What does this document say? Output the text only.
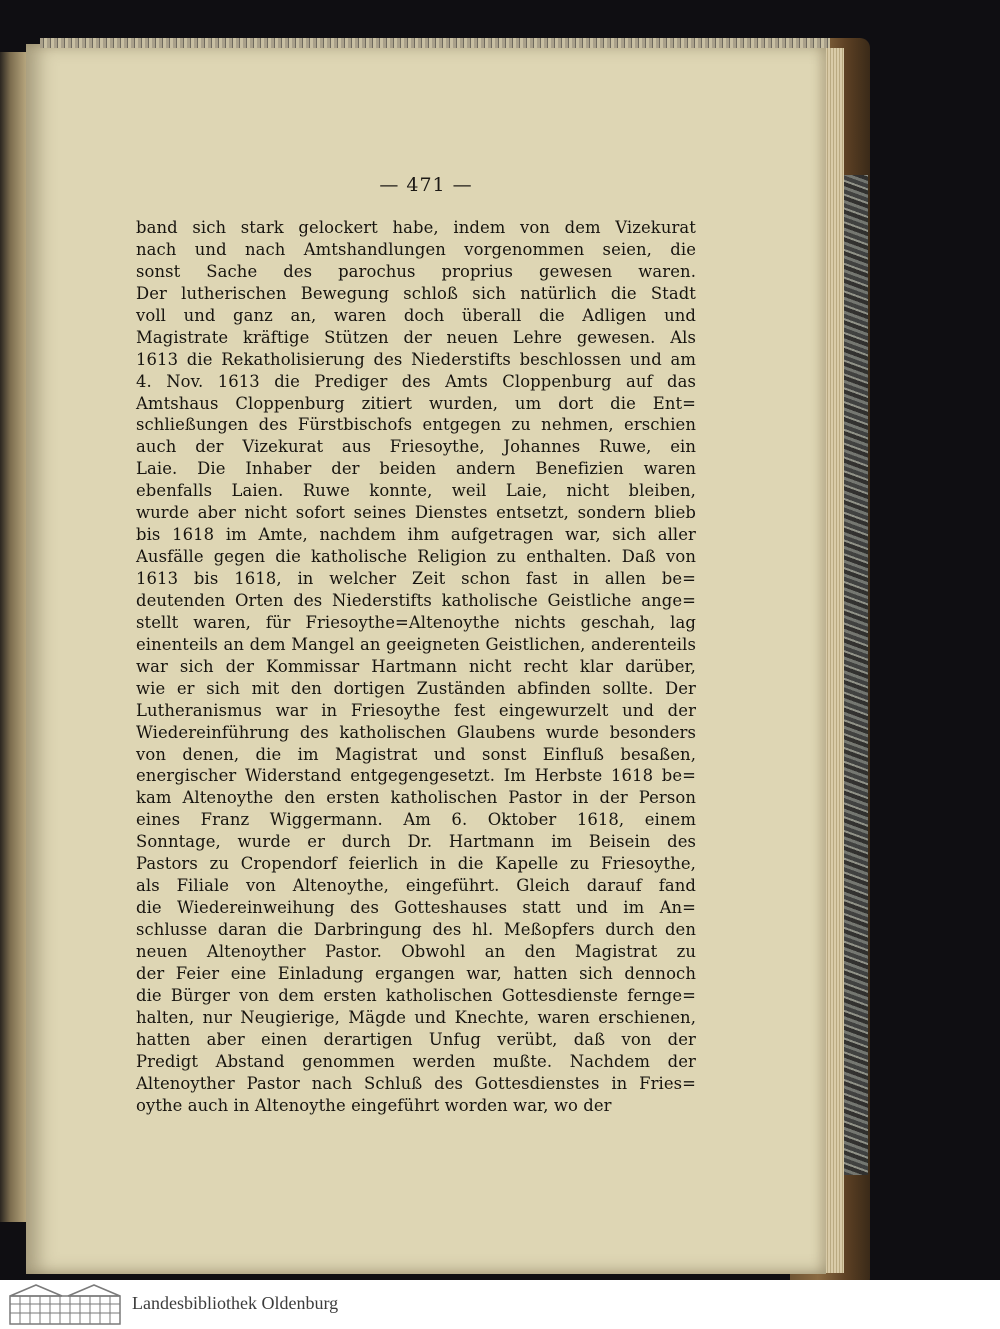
— 471 —
band sich stark gelockert habe, indem von dem Vizekurat
nach und nach Amtshandlungen vorgenommen seien, die
sonst Sache des parochus proprius gewesen waren.
Der lutherischen Bewegung schloß sich natürlich die Stadt
voll und ganz an, waren doch überall die Adligen und
Magistrate kräftige Stützen der neuen Lehre gewesen. Als
1613 die Rekatholisierung des Niederstifts beschlossen und am
4. Nov. 1613 die Prediger des Amts Cloppenburg auf das
Amtshaus Cloppenburg zitiert wurden, um dort die Ent=
schließungen des Fürstbischofs entgegen zu nehmen, erschien
auch der Vizekurat aus Friesoythe, Johannes Ruwe, ein
Laie. Die Inhaber der beiden andern Benefizien waren
ebenfalls Laien. Ruwe konnte, weil Laie, nicht bleiben,
wurde aber nicht sofort seines Dienstes entsetzt, sondern blieb
bis 1618 im Amte, nachdem ihm aufgetragen war, sich aller
Ausfälle gegen die katholische Religion zu enthalten. Daß von
1613 bis 1618, in welcher Zeit schon fast in allen be=
deutenden Orten des Niederstifts katholische Geistliche ange=
stellt waren, für Friesoythe=Altenoythe nichts geschah, lag
einenteils an dem Mangel an geeigneten Geistlichen, anderenteils
war sich der Kommissar Hartmann nicht recht klar darüber,
wie er sich mit den dortigen Zuständen abfinden sollte. Der
Lutheranismus war in Friesoythe fest eingewurzelt und der
Wiedereinführung des katholischen Glaubens wurde besonders
von denen, die im Magistrat und sonst Einfluß besaßen,
energischer Widerstand entgegengesetzt. Im Herbste 1618 be=
kam Altenoythe den ersten katholischen Pastor in der Person
eines Franz Wiggermann. Am 6. Oktober 1618, einem
Sonntage, wurde er durch Dr. Hartmann im Beisein des
Pastors zu Cropendorf feierlich in die Kapelle zu Friesoythe,
als Filiale von Altenoythe, eingeführt. Gleich darauf fand
die Wiedereinweihung des Gotteshauses statt und im An=
schlusse daran die Darbringung des hl. Meßopfers durch den
neuen Altenoyther Pastor. Obwohl an den Magistrat zu
der Feier eine Einladung ergangen war, hatten sich dennoch
die Bürger von dem ersten katholischen Gottesdienste ferngе=
halten, nur Neugierige, Mägde und Knechte, waren erschienen,
hatten aber einen derartigen Unfug verübt, daß von der
Predigt Abstand genommen werden mußte. Nachdem der
Altenoyther Pastor nach Schluß des Gottesdienstes in Fries=
oythe auch in Altenoythe eingeführt worden war, wo der
Landesbibliothek Oldenburg
